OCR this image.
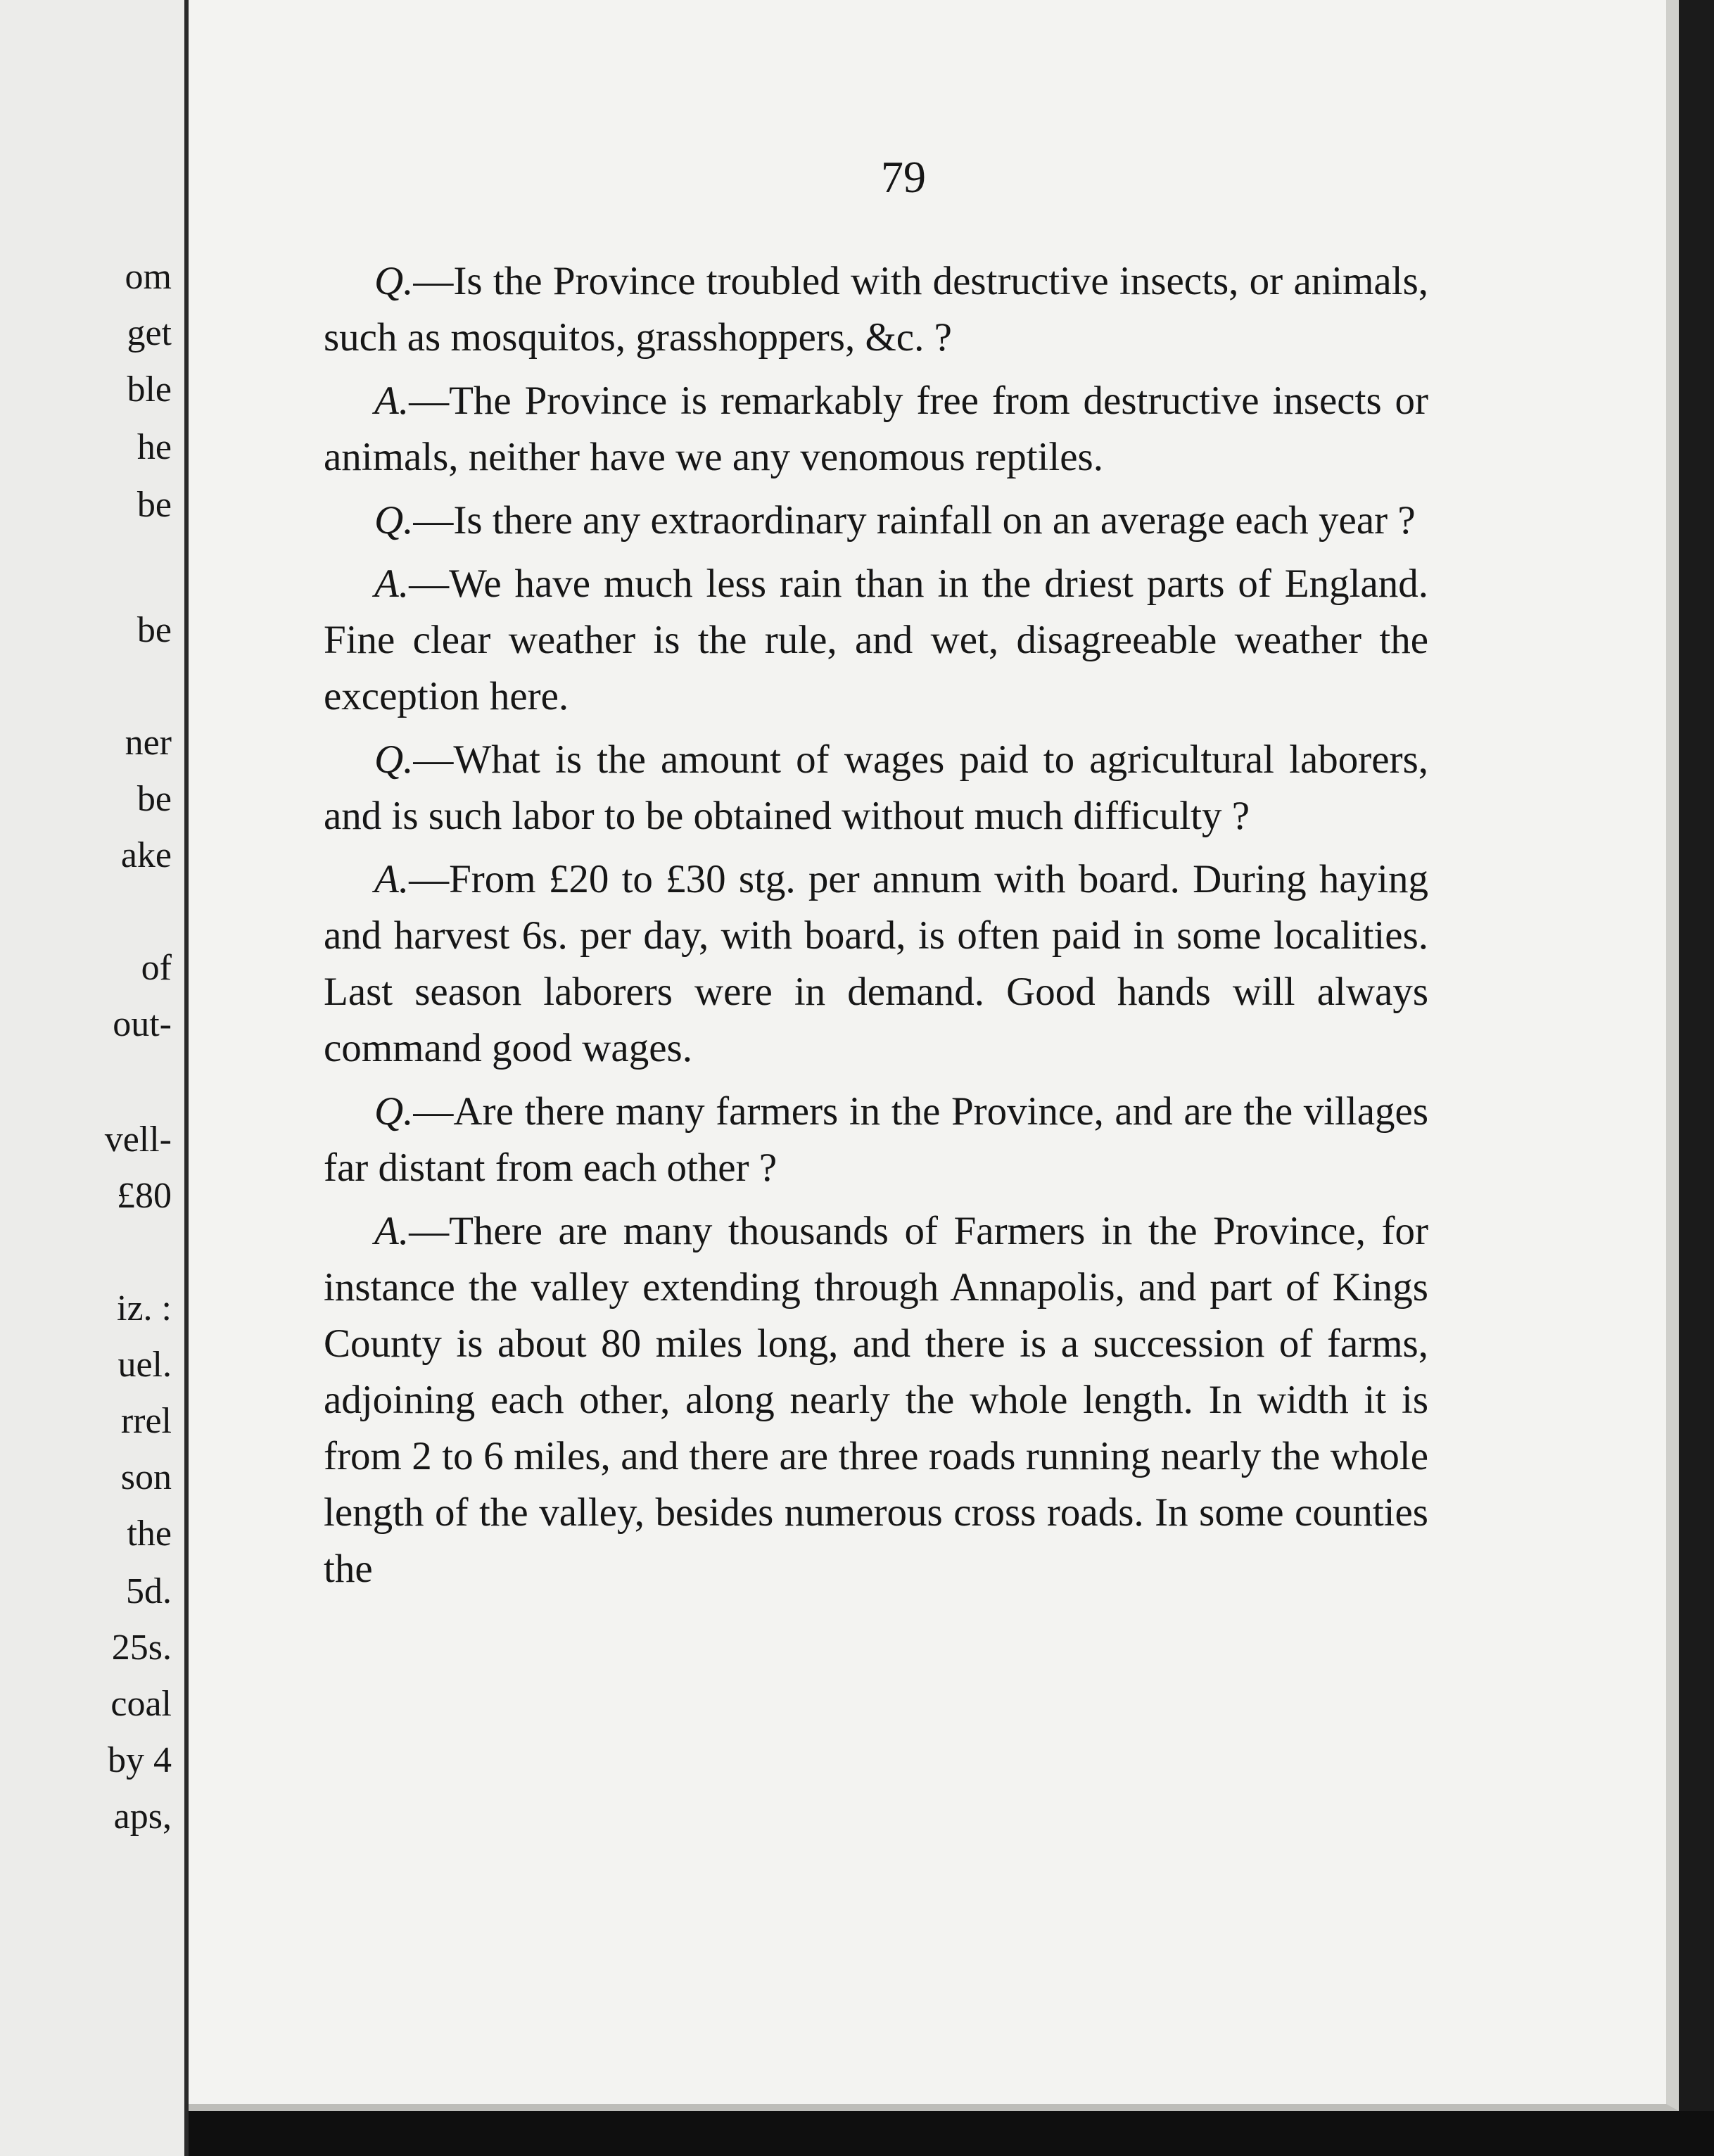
om
get
ble
he
be
be
ner
be
ake
of
out-
vell-
£80
iz. :
uel.
rrel
son
the
5d.
25s.
coal
by 4
aps,
79

Q.—Is the Province troubled with destructive insects, or animals, such as mosquitos, grasshoppers, &c. ?

A.—The Province is remarkably free from destructive insects or animals, neither have we any venomous reptiles.

Q.—Is there any extraordinary rainfall on an average each year ?

A.—We have much less rain than in the driest parts of England. Fine clear weather is the rule, and wet, disagreeable weather the exception here.

Q.—What is the amount of wages paid to agricultural laborers, and is such labor to be obtained without much difficulty ?

A.—From £20 to £30 stg. per annum with board. During haying and harvest 6s. per day, with board, is often paid in some localities. Last season laborers were in demand. Good hands will always command good wages.

Q.—Are there many farmers in the Province, and are the villages far distant from each other ?

A.—There are many thousands of Farmers in the Province, for instance the valley extending through Annapolis, and part of Kings County is about 80 miles long, and there is a succession of farms, adjoining each other, along nearly the whole length. In width it is from 2 to 6 miles, and there are three roads running nearly the whole length of the valley, besides numerous cross roads. In some counties the
